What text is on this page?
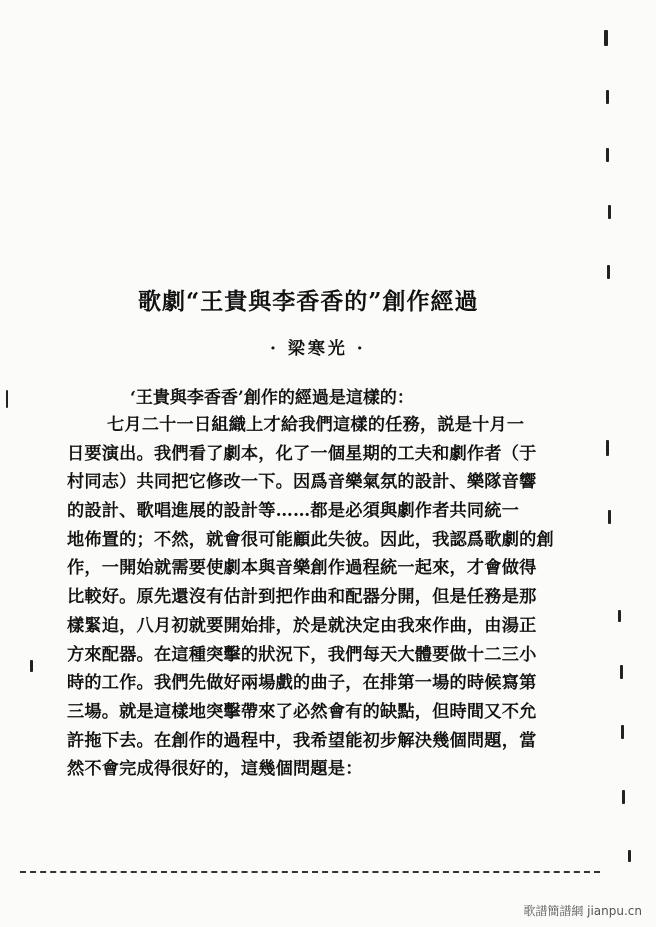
歌劇“王貴與李香香的”創作經過
· 梁寒光 ·
‘王貴與李香香’創作的經過是這樣的：
七月二十一日組織上才給我們這樣的任務，説是十月一
日要演出。我們看了劇本，化了一個星期的工夫和劇作者（于
村同志）共同把它修改一下。因爲音樂氣氛的設計、樂隊音響
的設計、歌唱進展的設計等……都是必須與劇作者共同統一
地佈置的；不然，就會很可能顧此失彼。因此，我認爲歌劇的創
作，一開始就需要使劇本與音樂創作過程統一起來，才會做得
比較好。原先還沒有估計到把作曲和配器分開，但是任務是那
樣緊迫，八月初就要開始排，於是就決定由我來作曲，由湯正
方來配器。在這種突擊的狀況下，我們每天大體要做十二三小
時的工作。我們先做好兩場戲的曲子，在排第一場的時候寫第
三場。就是這樣地突擊帶來了必然會有的缺點，但時間又不允
許拖下去。在創作的過程中，我希望能初步解決幾個問題，當
然不會完成得很好的，這幾個問題是：
歌譜簡譜網 jianpu.cn
